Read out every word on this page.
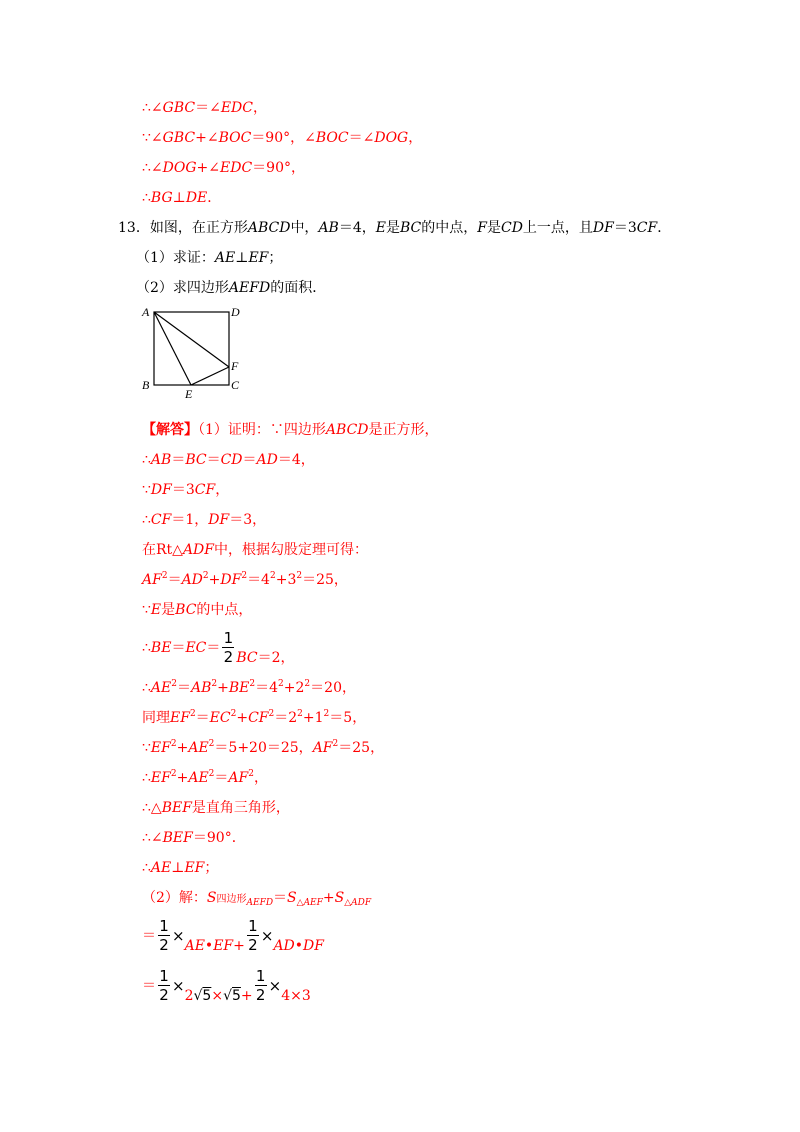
∴∠GBC＝∠EDC，
∵∠GBC+∠BOC＝90°，∠BOC＝∠DOG，
∴∠DOG+∠EDC＝90°，
∴BG⊥DE．
13．如图，在正方形ABCD中，AB＝4，E是BC的中点，F是CD上一点，且DF＝3CF．
（1）求证：AE⊥EF；
（2）求四边形AEFD的面积．
A	D
B	C
E
F
【解答】（1）证明：∵四边形ABCD是正方形，
∴AB＝BC＝CD＝AD＝4，
∵DF＝3CF，
∴CF＝1，DF＝3，
在Rt△ADF中，根据勾股定理可得：
$AF^2=AD^2+DF^2=4^2+3^2=25$，
∵E是BC的中点，
∴BE＝EC＝ $\frac{1}{2} BC=2$，
$\therefore AE^2=AB^2+BE^2=4^2+2^2=20$，
同理$EF^2=EC^2+CF^2=2^2+1^2=5$，
$\because EF^2+AE^2=5+20=25$，$AF^2=25$，
$\therefore EF^2+AE^2=AF^2$，
∴△BEF是直角三角形，
∴∠BEF＝90°．
∴AE⊥EF；
（2）解：S四边形$_{AEFD}=S_{\triangle AEF}+S_{\triangle ADF}$
＝ $\frac{1}{2}$ ×AE•EF+ $\frac{1}{2}$ ×AD•DF
＝ $\frac{1}{2} \times 2√5\times√5+ \frac{1}{2} \times 4\times 3$
